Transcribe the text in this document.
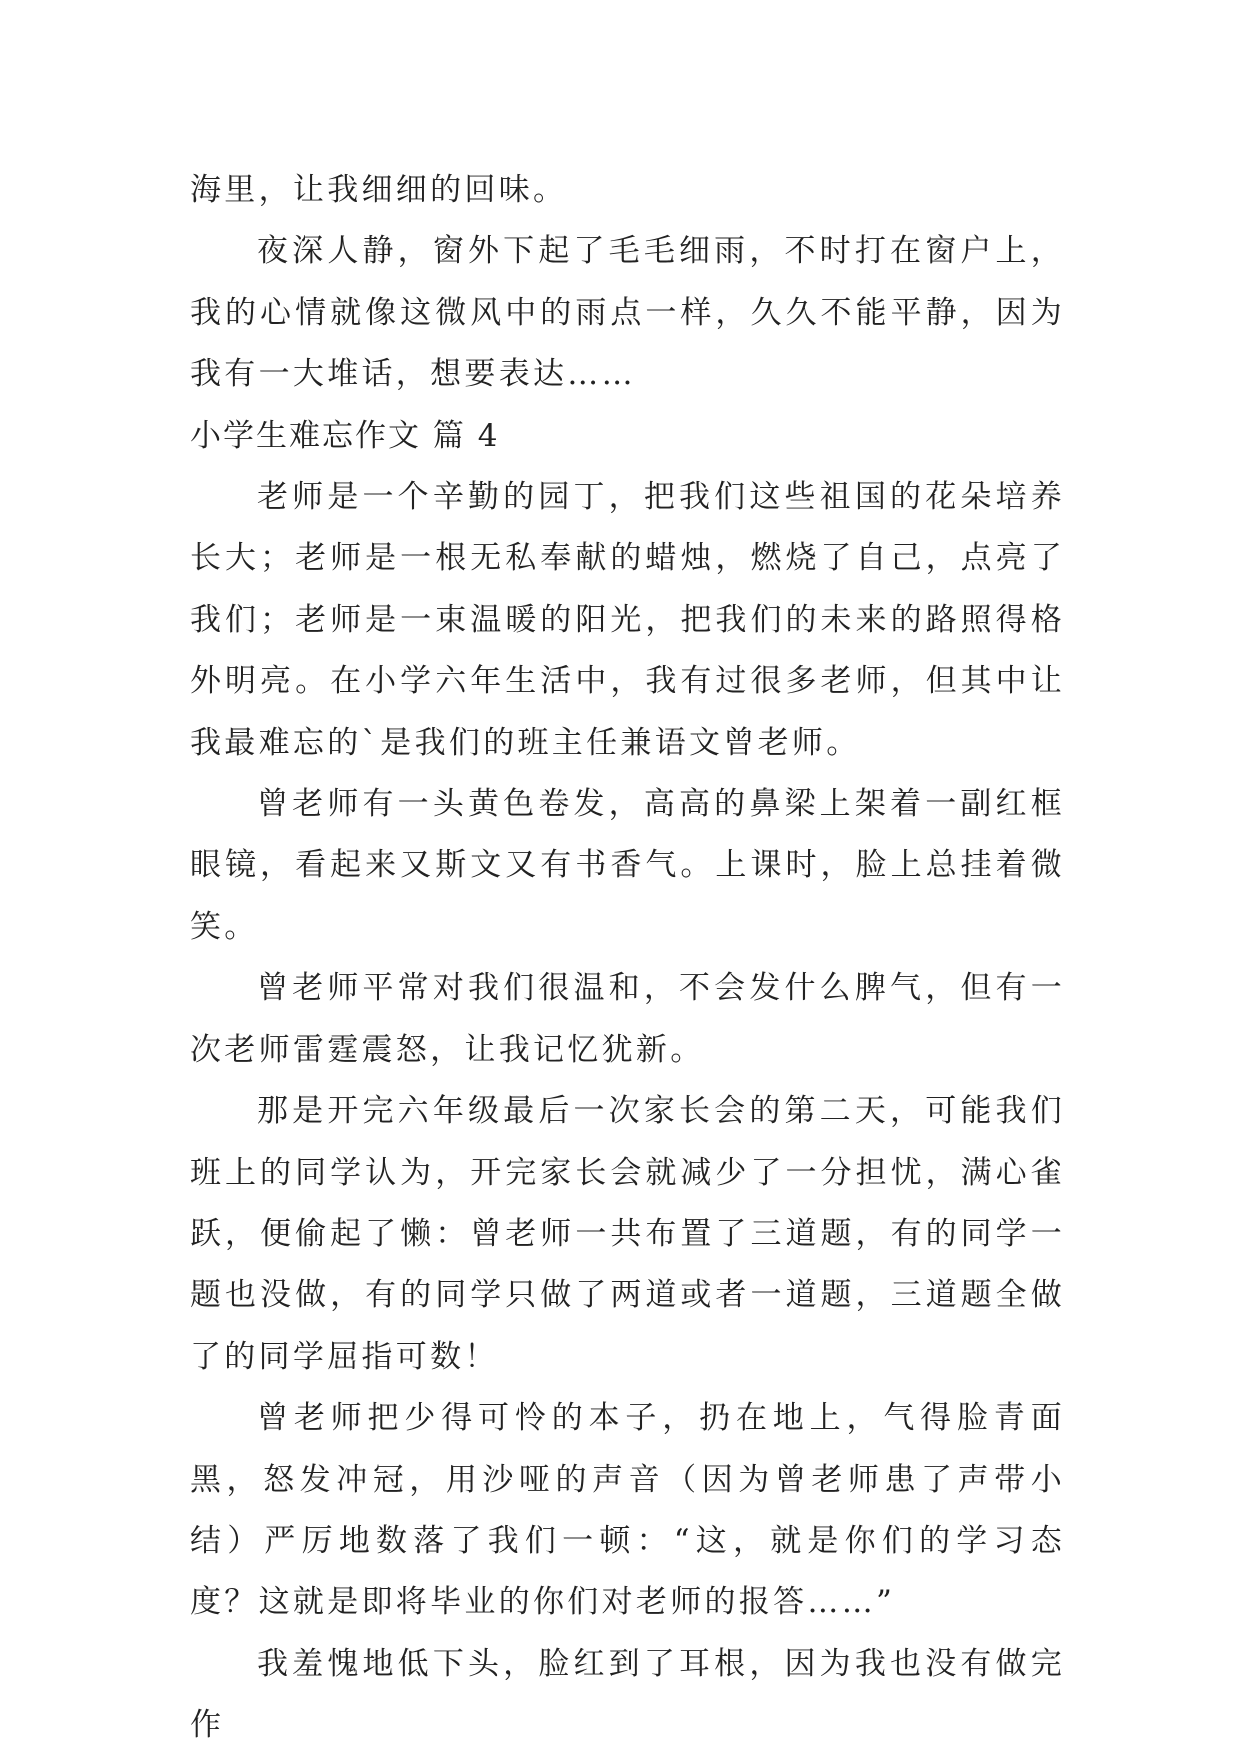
海里，让我细细的回味。

夜深人静，窗外下起了毛毛细雨，不时打在窗户上，我的心情就像这微风中的雨点一样，久久不能平静，因为我有一大堆话，想要表达……

小学生难忘作文 篇 4

老师是一个辛勤的园丁，把我们这些祖国的花朵培养长大；老师是一根无私奉献的蜡烛，燃烧了自己，点亮了我们；老师是一束温暖的阳光，把我们的未来的路照得格外明亮。在小学六年生活中，我有过很多老师，但其中让我最难忘的`是我们的班主任兼语文曾老师。

曾老师有一头黄色卷发，高高的鼻梁上架着一副红框眼镜，看起来又斯文又有书香气。上课时，脸上总挂着微笑。

曾老师平常对我们很温和，不会发什么脾气，但有一次老师雷霆震怒，让我记忆犹新。

那是开完六年级最后一次家长会的第二天，可能我们班上的同学认为，开完家长会就减少了一分担忧，满心雀跃，便偷起了懒：曾老师一共布置了三道题，有的同学一题也没做，有的同学只做了两道或者一道题，三道题全做了的同学屈指可数！

曾老师把少得可怜的本子，扔在地上，气得脸青面黑，怒发冲冠，用沙哑的声音（因为曾老师患了声带小结）严厉地数落了我们一顿：“这，就是你们的学习态度？这就是即将毕业的你们对老师的报答……”

我羞愧地低下头，脸红到了耳根，因为我也没有做完作
